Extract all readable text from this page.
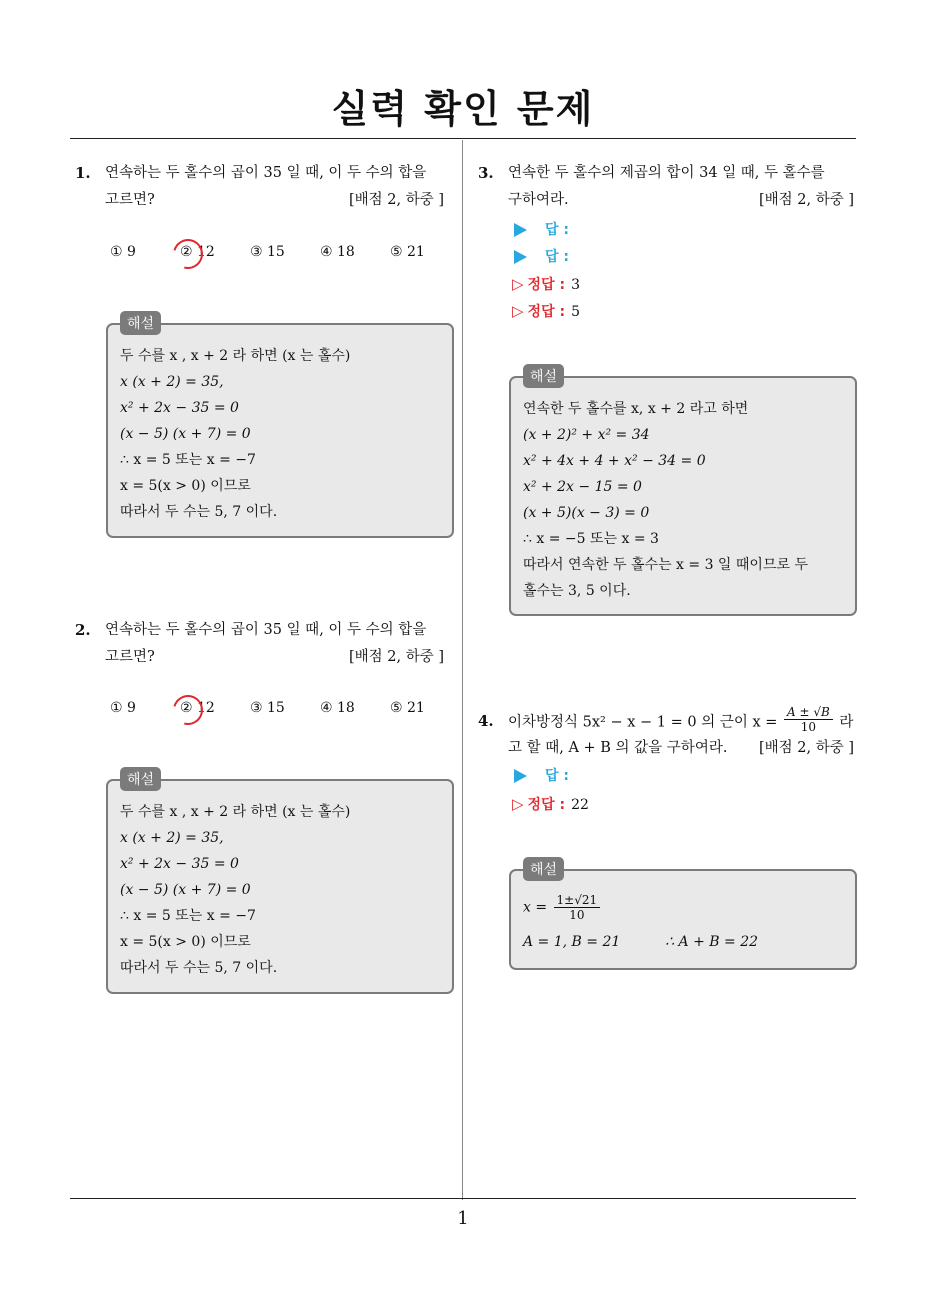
실력 확인 문제
1
1. 연속하는 두 홀수의 곱이 35 일 때, 이 두 수의 합을
고르면?	[배점 2, 하중 ]
① 9	② 12	③ 15	④ 18	⑤ 21
해설
두 수를 x , x + 2 라 하면 (x 는 홀수)
x (x + 2) = 35,
x² + 2x − 35 = 0
(x − 5) (x + 7) = 0
∴ x = 5 또는 x = −7
x = 5(x > 0) 이므로
따라서 두 수는 5, 7 이다.
2. 연속하는 두 홀수의 곱이 35 일 때, 이 두 수의 합을
고르면?	[배점 2, 하중 ]
① 9	② 12	③ 15	④ 18	⑤ 21
해설
두 수를 x , x + 2 라 하면 (x 는 홀수)
x (x + 2) = 35,
x² + 2x − 35 = 0
(x − 5) (x + 7) = 0
∴ x = 5 또는 x = −7
x = 5(x > 0) 이므로
따라서 두 수는 5, 7 이다.
3. 연속한 두 홀수의 제곱의 합이 34 일 때, 두 홀수를
구하여라.	[배점 2, 하중 ]
답 :
답 :
▷ 정답 : 3
▷ 정답 : 5
해설
연속한 두 홀수를 x, x + 2 라고 하면
(x + 2)² + x² = 34
x² + 4x + 4 + x² − 34 = 0
x² + 2x − 15 = 0
(x + 5)(x − 3) = 0
∴ x = −5 또는 x = 3
따라서 연속한 두 홀수는 x = 3 일 때이므로 두
홀수는 3, 5 이다.
4. 이차방정식 5x² − x − 1 = 0 의 근이 $x = \frac{A \pm √B}{10}$ 라
고 할 때, A + B 의 값을 구하여라. [배점 2, 하중 ]
답 :
▷ 정답 : 22
해설
$x = \frac{1\pm√21}{10}$
A = 1, B = 21	∴ A + B = 22
